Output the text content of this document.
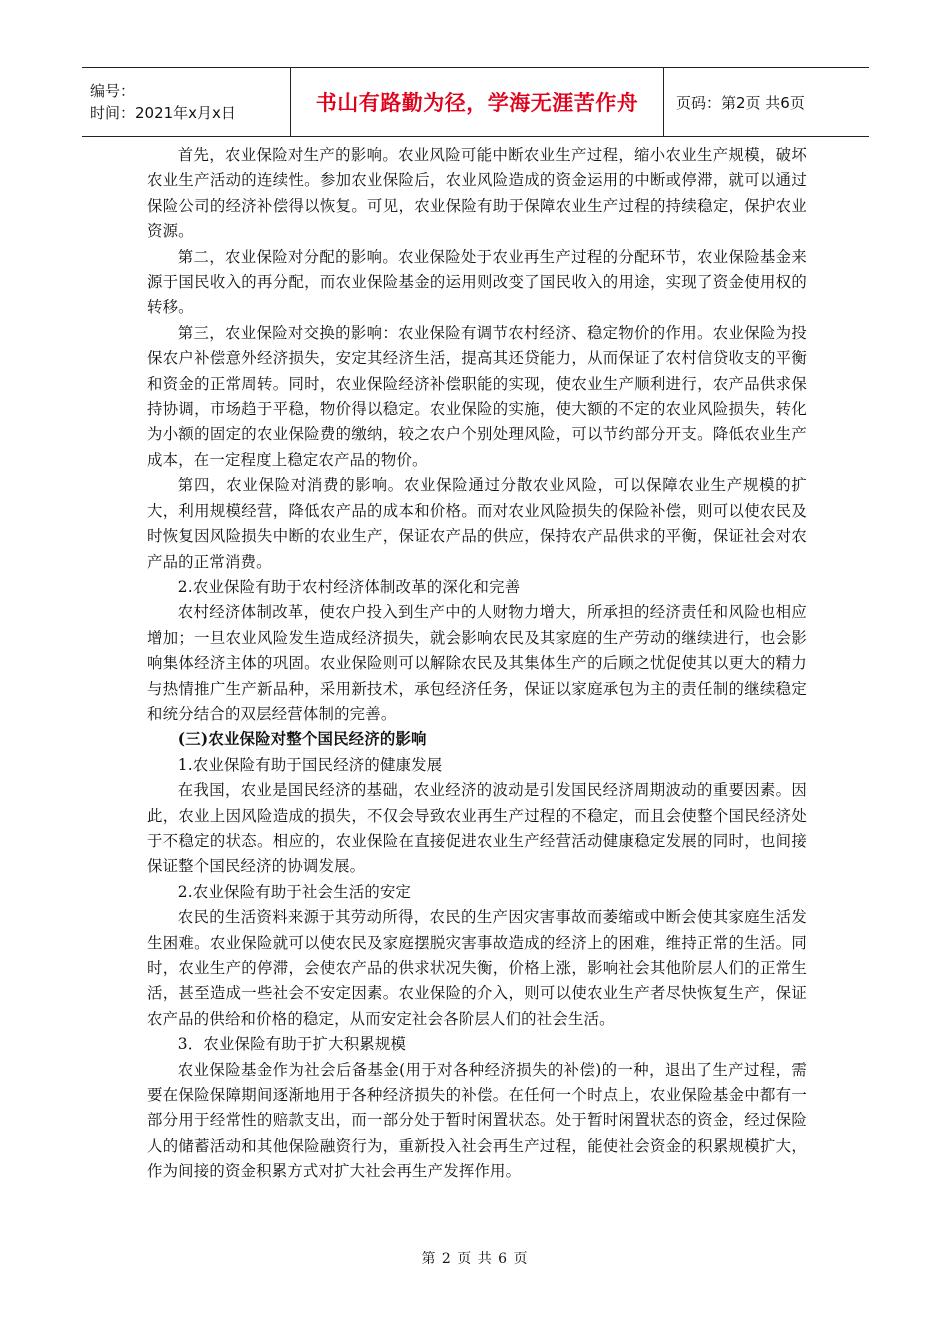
编号：
时间：2021年x月x日	书山有路勤为径，学海无涯苦作舟	页码：第2页 共6页

首先，农业保险对生产的影响。农业风险可能中断农业生产过程，缩小农业生产规模，破坏农业生产活动的连续性。参加农业保险后，农业风险造成的资金运用的中断或停滞，就可以通过保险公司的经济补偿得以恢复。可见，农业保险有助于保障农业生产过程的持续稳定，保护农业资源。

第二，农业保险对分配的影响。农业保险处于农业再生产过程的分配环节，农业保险基金来源于国民收入的再分配，而农业保险基金的运用则改变了国民收入的用途，实现了资金使用权的转移。

第三，农业保险对交换的影响：农业保险有调节农村经济、稳定物价的作用。农业保险为投保农户补偿意外经济损失，安定其经济生活，提高其还贷能力，从而保证了农村信贷收支的平衡和资金的正常周转。同时，农业保险经济补偿职能的实现，使农业生产顺利进行，农产品供求保持协调，市场趋于平稳，物价得以稳定。农业保险的实施，使大额的不定的农业风险损失，转化为小额的固定的农业保险费的缴纳，较之农户个别处理风险，可以节约部分开支。降低农业生产成本，在一定程度上稳定农产品的物价。

第四，农业保险对消费的影响。农业保险通过分散农业风险，可以保障农业生产规模的扩大，利用规模经营，降低农产品的成本和价格。而对农业风险损失的保险补偿，则可以使农民及时恢复因风险损失中断的农业生产，保证农产品的供应，保持农产品供求的平衡，保证社会对农产品的正常消费。

2.农业保险有助于农村经济体制改革的深化和完善

农村经济体制改革，使农户投入到生产中的人财物力增大，所承担的经济责任和风险也相应增加；一旦农业风险发生造成经济损失，就会影响农民及其家庭的生产劳动的继续进行，也会影响集体经济主体的巩固。农业保险则可以解除农民及其集体生产的后顾之忧促使其以更大的精力与热情推广生产新品种，采用新技术，承包经济任务，保证以家庭承包为主的责任制的继续稳定和统分结合的双层经营体制的完善。

(三)农业保险对整个国民经济的影响

1.农业保险有助于国民经济的健康发展

在我国，农业是国民经济的基础，农业经济的波动是引发国民经济周期波动的重要因素。因此，农业上因风险造成的损失，不仅会导致农业再生产过程的不稳定，而且会使整个国民经济处于不稳定的状态。相应的，农业保险在直接促进农业生产经营活动健康稳定发展的同时，也间接保证整个国民经济的协调发展。

2.农业保险有助于社会生活的安定

农民的生活资料来源于其劳动所得，农民的生产因灾害事故而萎缩或中断会使其家庭生活发生困难。农业保险就可以使农民及家庭摆脱灾害事故造成的经济上的困难，维持正常的生活。同时，农业生产的停滞，会使农产品的供求状况失衡，价格上涨，影响社会其他阶层人们的正常生活，甚至造成一些社会不安定因素。农业保险的介入，则可以使农业生产者尽快恢复生产，保证农产品的供给和价格的稳定，从而安定社会各阶层人们的社会生活。

3．农业保险有助于扩大积累规模

农业保险基金作为社会后备基金(用于对各种经济损失的补偿)的一种，退出了生产过程，需要在保险保障期间逐渐地用于各种经济损失的补偿。在任何一个时点上，农业保险基金中都有一部分用于经常性的赔款支出，而一部分处于暂时闲置状态。处于暂时闲置状态的资金，经过保险人的储蓄活动和其他保险融资行为，重新投入社会再生产过程，能使社会资金的积累规模扩大，作为间接的资金积累方式对扩大社会再生产发挥作用。

第 2 页 共 6 页
